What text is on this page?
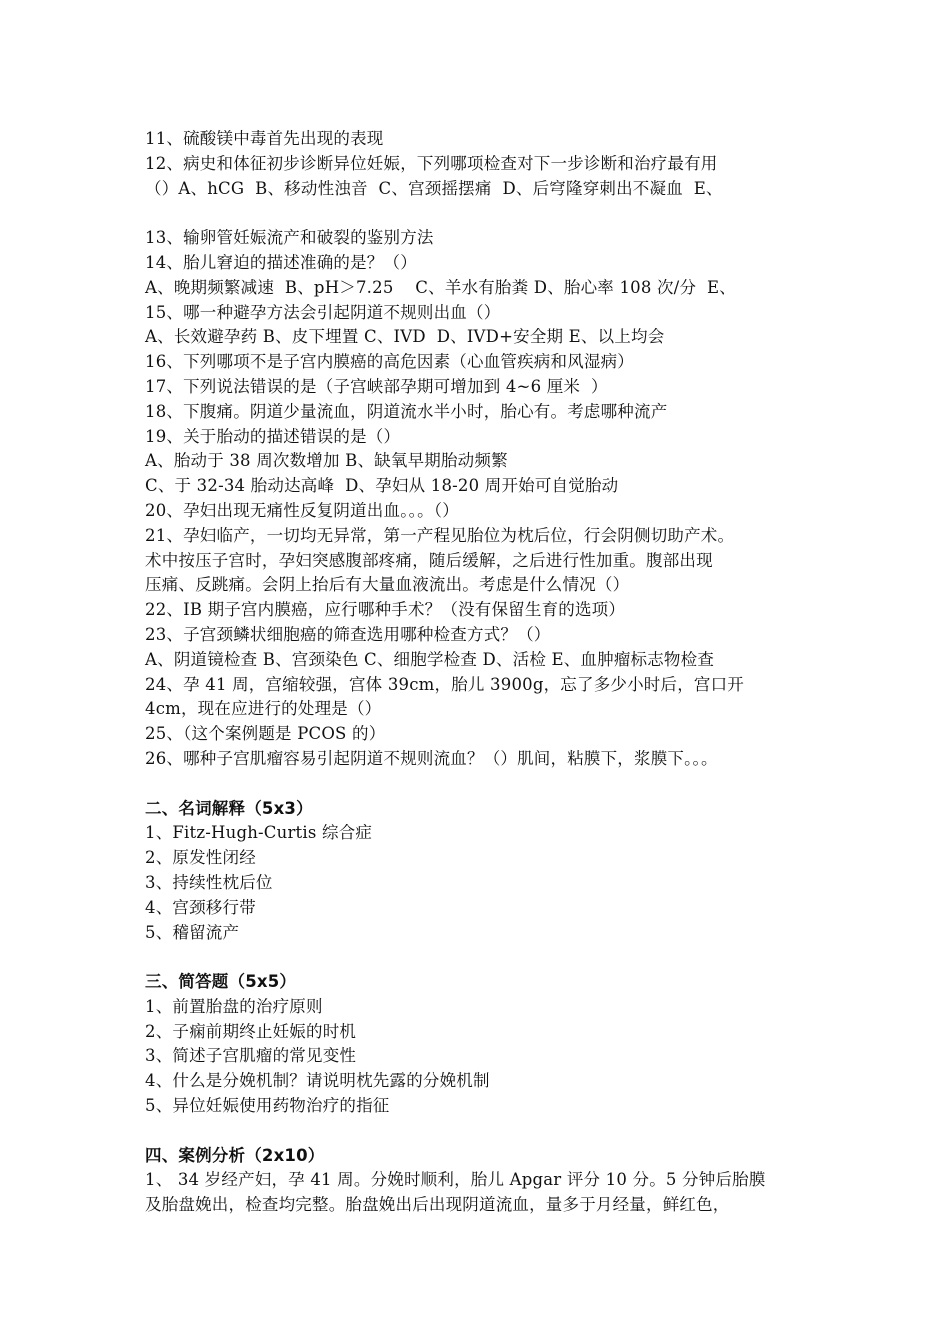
11、硫酸镁中毒首先出现的表现
12、病史和体征初步诊断异位妊娠，下列哪项检查对下一步诊断和治疗最有用
（）A、hCG  B、移动性浊音  C、宫颈摇摆痛  D、后穹隆穿刺出不凝血  E、
13、输卵管妊娠流产和破裂的鉴别方法
14、胎儿窘迫的描述准确的是？（）
A、晚期频繁减速  B、pH＞7.25    C、羊水有胎粪 D、胎心率 108 次/分  E、
15、哪一种避孕方法会引起阴道不规则出血（）
A、长效避孕药 B、皮下埋置 C、IVD  D、IVD+安全期 E、以上均会
16、下列哪项不是子宫内膜癌的高危因素（心血管疾病和风湿病）
17、下列说法错误的是（子宫峡部孕期可增加到 4~6 厘米  ）
18、下腹痛。阴道少量流血，阴道流水半小时，胎心有。考虑哪种流产
19、关于胎动的描述错误的是（）
A、胎动于 38 周次数增加 B、缺氧早期胎动频繁
C、于 32-34 胎动达高峰  D、孕妇从 18-20 周开始可自觉胎动
20、孕妇出现无痛性反复阴道出血。。。（）
21、孕妇临产，一切均无异常，第一产程见胎位为枕后位，行会阴侧切助产术。
术中按压子宫时，孕妇突感腹部疼痛，随后缓解，之后进行性加重。腹部出现
压痛、反跳痛。会阴上抬后有大量血液流出。考虑是什么情况（）
22、IB 期子宫内膜癌，应行哪种手术？（没有保留生育的选项）
23、子宫颈鳞状细胞癌的筛查选用哪种检查方式？（）
A、阴道镜检查 B、宫颈染色 C、细胞学检查 D、活检 E、血肿瘤标志物检查
24、孕 41 周，宫缩较强，宫体 39cm，胎儿 3900g，忘了多少小时后，宫口开
4cm，现在应进行的处理是（）
25、（这个案例题是 PCOS 的）
26、哪种子宫肌瘤容易引起阴道不规则流血？（）肌间，粘膜下，浆膜下。。。
二、名词解释（5x3）
1、Fitz-Hugh-Curtis 综合症
2、原发性闭经
3、持续性枕后位
4、宫颈移行带
5、稽留流产
三、简答题（5x5）
1、前置胎盘的治疗原则
2、子痫前期终止妊娠的时机
3、简述子宫肌瘤的常见变性
4、什么是分娩机制？请说明枕先露的分娩机制
5、异位妊娠使用药物治疗的指征
四、案例分析（2x10）
1、 34 岁经产妇，孕 41 周。分娩时顺利，胎儿 Apgar 评分 10 分。5 分钟后胎膜
及胎盘娩出，检查均完整。胎盘娩出后出现阴道流血，量多于月经量，鲜红色，
